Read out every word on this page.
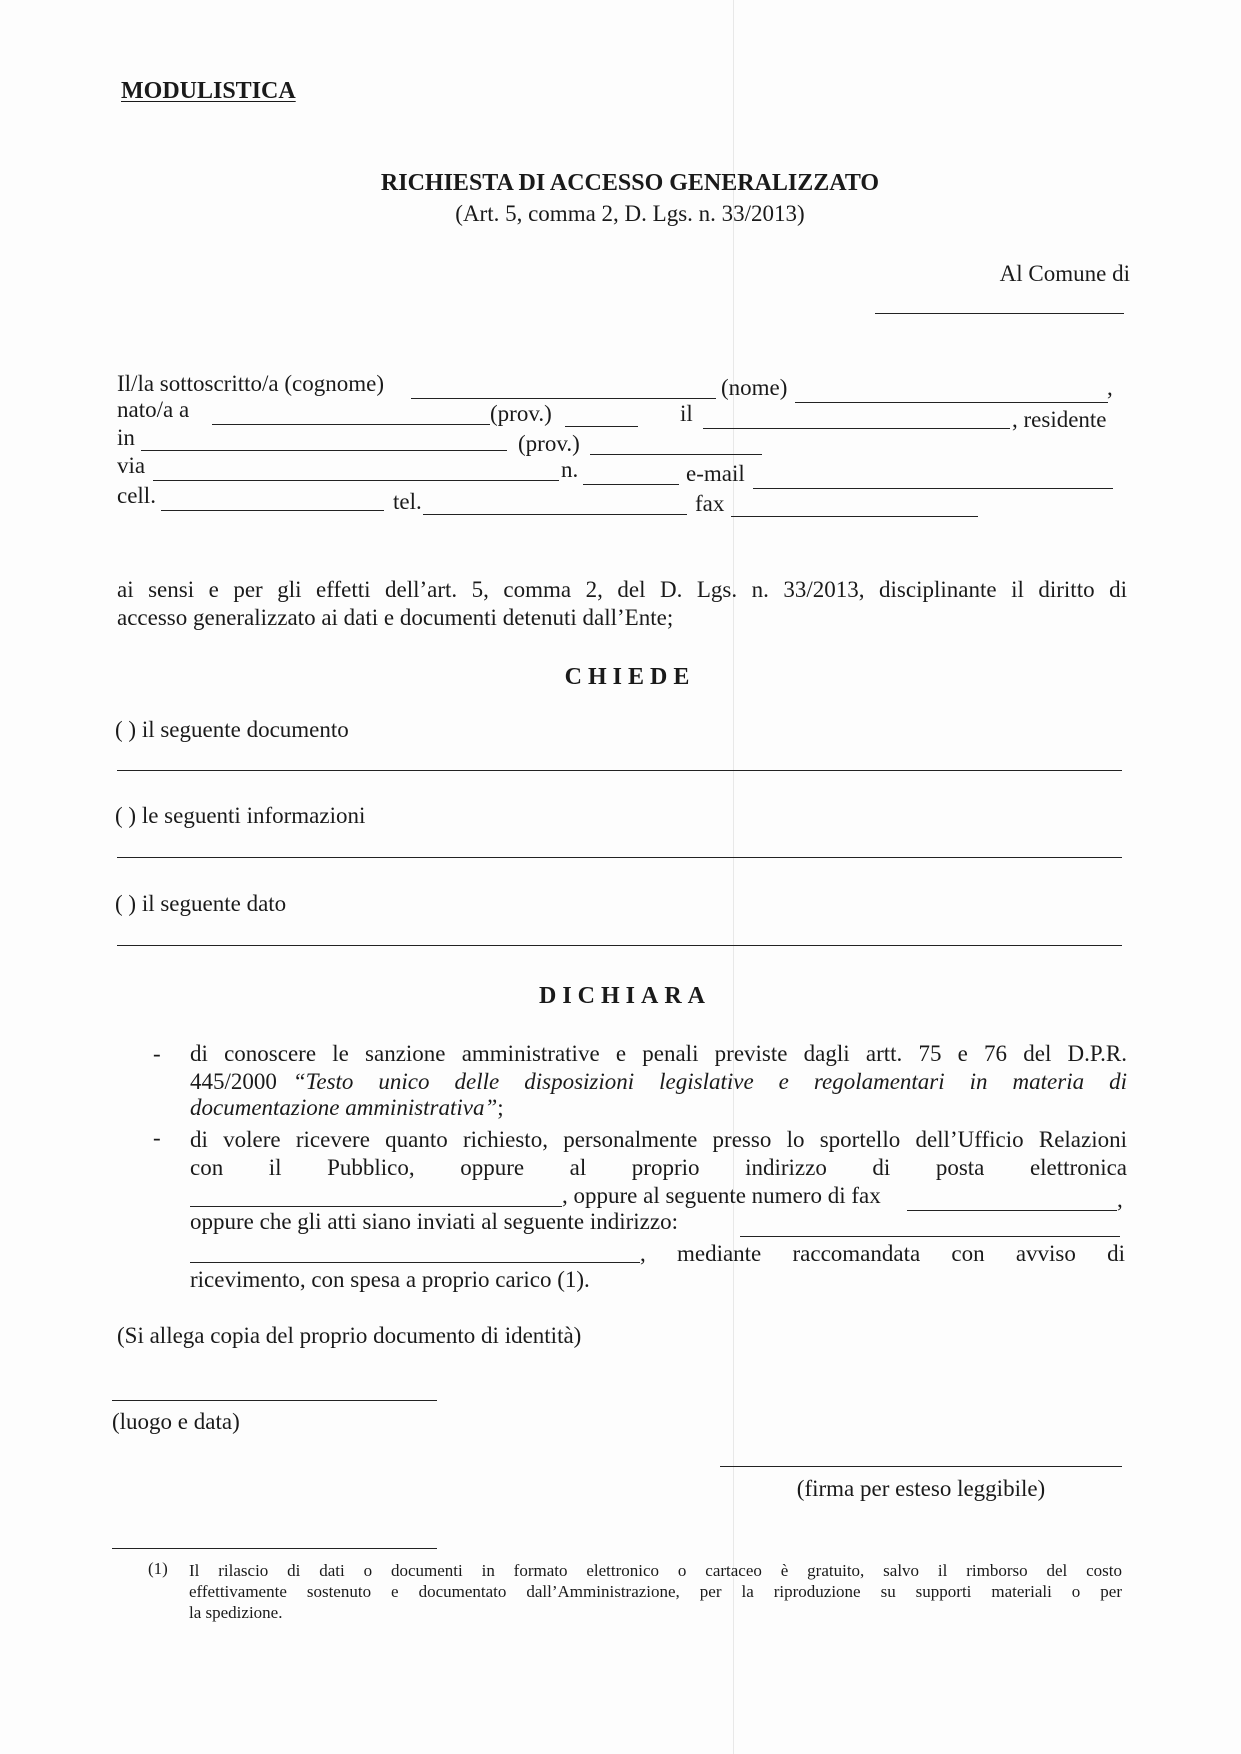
MODULISTICA
RICHIESTA DI ACCESSO GENERALIZZATO
(Art. 5, comma 2, D. Lgs. n. 33/2013)
Al Comune di
Il/la sottoscritto/a (cognome)	(nome)	,
nato/a a	(prov.)	il	, residente
in	(prov.)
via	n.	e-mail
cell.	tel.	fax
ai sensi e per gli effetti dell’art. 5, comma 2, del D. Lgs. n. 33/2013, disciplinante il diritto di
accesso generalizzato ai dati e documenti detenuti dall’Ente;
CHIEDE
( ) il seguente documento
( ) le seguenti informazioni
( ) il seguente dato
DICHIARA
- di conoscere le sanzione amministrative e penali previste dagli artt. 75 e 76 del D.P.R.
445/2000 “Testo unico delle disposizioni legislative e regolamentari in materia di
documentazione amministrativa”;
- di volere ricevere quanto richiesto, personalmente presso lo sportello dell’Ufficio Relazioni
con il Pubblico, oppure al proprio indirizzo di posta elettronica
, oppure al seguente numero di fax	,
oppure che gli atti siano inviati al seguente indirizzo:
, mediante raccomandata con avviso di
ricevimento, con spesa a proprio carico (1).
(Si allega copia del proprio documento di identità)
(luogo e data)
(firma per esteso leggibile)
(1) Il rilascio di dati o documenti in formato elettronico o cartaceo è gratuito, salvo il rimborso del costo
effettivamente sostenuto e documentato dall’Amministrazione, per la riproduzione su supporti materiali o per
la spedizione.
